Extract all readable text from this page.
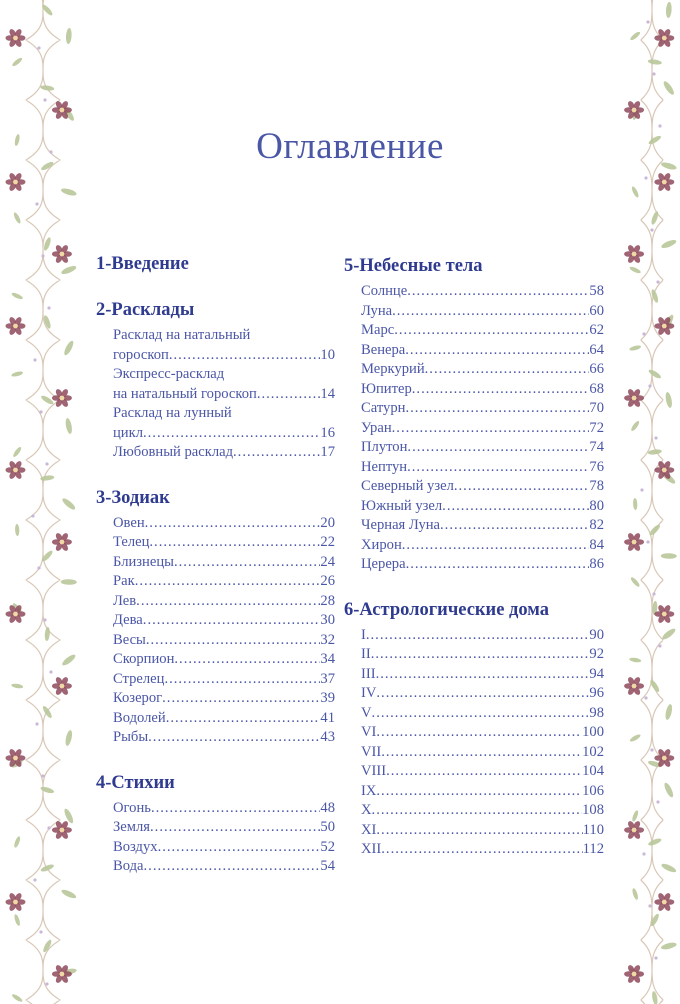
Оглавление
1-Введение
2-Расклады
Расклад на натальный
гороскоп .....	10
Экспресс-расклад
на натальный гороскоп .....	14
Расклад на лунный
цикл .....	16
Любовный расклад .....	17
3-Зодиак
Овен .....	20
Телец .....	22
Близнецы .....	24
Рак .....	26
Лев .....	28
Дева .....	30
Весы .....	32
Скорпион .....	34
Стрелец .....	37
Козерог .....	39
Водолей .....	41
Рыбы .....	43
4-Стихии
Огонь .....	48
Земля .....	50
Воздух .....	52
Вода .....	54
5-Небесные тела
Солнце .....	58
Луна .....	60
Марс .....	62
Венера .....	64
Меркурий .....	66
Юпитер .....	68
Сатурн .....	70
Уран .....	72
Плутон .....	74
Нептун .....	76
Северный узел .....	78
Южный узел .....	80
Черная Луна .....	82
Хирон .....	84
Церера .....	86
6-Астрологические дома
I .....	90
II .....	92
III .....	94
IV .....	96
V .....	98
VI .....	100
VII .....	102
VIII .....	104
IX .....	106
X .....	108
XI .....	110
XII .....	112
